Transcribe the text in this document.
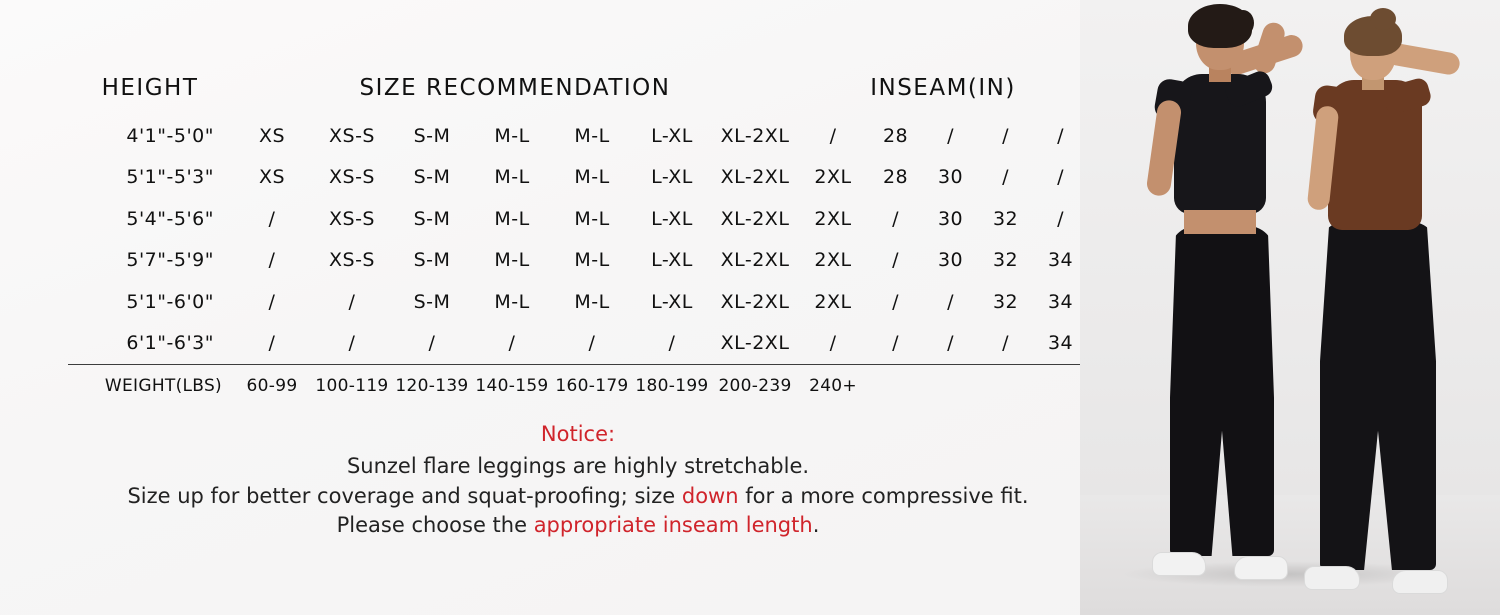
HEIGHT	SIZE RECOMMENDATION							INSEAM(IN)				
4'1"-5'0"	XS	XS-S	S-M	M-L	M-L	L-XL	XL-2XL	/	28	/	/	/
5'1"-5'3"	XS	XS-S	S-M	M-L	M-L	L-XL	XL-2XL	2XL	28	30	/	/
5'4"-5'6"	/	XS-S	S-M	M-L	M-L	L-XL	XL-2XL	2XL	/	30	32	/
5'7"-5'9"	/	XS-S	S-M	M-L	M-L	L-XL	XL-2XL	2XL	/	30	32	34
5'1"-6'0"	/	/	S-M	M-L	M-L	L-XL	XL-2XL	2XL	/	/	32	34
6'1"-6'3"	/	/	/	/	/	/	XL-2XL	/	/	/	/	34
WEIGHT(LBS)	60-99	100-119	120-139	140-159	160-179	180-199	200-239	240+				
Notice:
Sunzel flare leggings are highly stretchable.
Size up for better coverage and squat-proofing; size down for a more compressive fit.
Please choose the appropriate inseam length.
